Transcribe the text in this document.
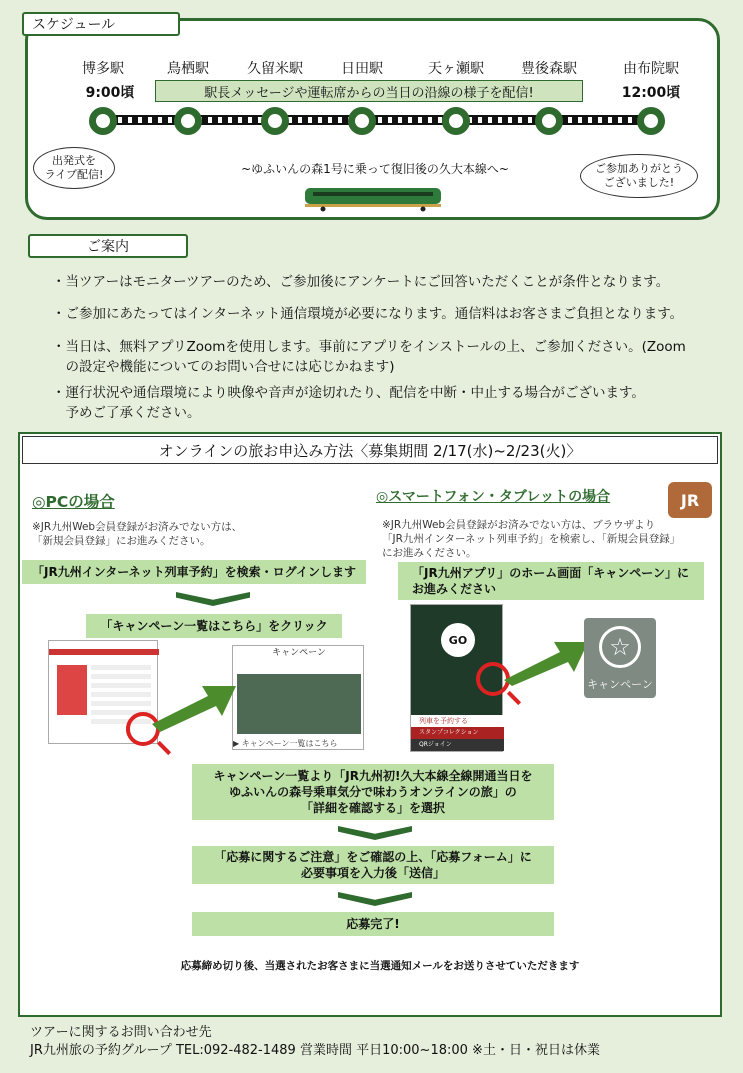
スケジュール
博多駅	鳥栖駅	久留米駅	日田駅	天ヶ瀬駅	豊後森駅	由布院駅
9:00頃	12:00頃
駅長メッセージや運転席からの当日の沿線の様子を配信!
出発式を
ライブ配信!	ご参加ありがとう
ございました!
~ゆふいんの森1号に乗って復旧後の久大本線へ~
ご案内
・当ツアーはモニターツアーのため、ご参加後にアンケートにご回答いただくことが条件となります。
・ご参加にあたってはインターネット通信環境が必要になります。通信料はお客さまご負担となります。
・当日は、無料アプリZoomを使用します。事前にアプリをインストールの上、ご参加ください。(Zoom
　の設定や機能についてのお問い合せには応じかねます)
・運行状況や通信環境により映像や音声が途切れたり、配信を中断・中止する場合がございます。
　予めご了承ください。
オンラインの旅お申込み方法〈募集期間 2/17(水)~2/23(火)〉
◎PCの場合
※JR九州Web会員登録がお済みでない方は、
「新規会員登録」にお進みください。
「JR九州インターネット列車予約」を検索・ログインします
「キャンペーン一覧はこちら」をクリック
キャンペーン
▶ キャンペーン一覧はこちら
◎スマートフォン・タブレットの場合	JR
※JR九州Web会員登録がお済みでない方は、ブラウザより
「JR九州インターネット列車予約」を検索し、「新規会員登録」
にお進みください。
「JR九州アプリ」のホーム画面「キャンペーン」に
お進みください
GO
列車を予約する
スタンプコレクション
QRジョイン
☆
キャンペーン
キャンペーン一覧より「JR九州初!久大本線全線開通当日を
ゆふいんの森号乗車気分で味わうオンラインの旅」の
「詳細を確認する」を選択
「応募に関するご注意」をご確認の上、「応募フォーム」に
必要事項を入力後「送信」
応募完了!
応募締め切り後、当選されたお客さまに当選通知メールをお送りさせていただきます
ツアーに関するお問い合わせ先
JR九州旅の予約グループ TEL:092-482-1489 営業時間 平日10:00~18:00 ※土・日・祝日は休業
